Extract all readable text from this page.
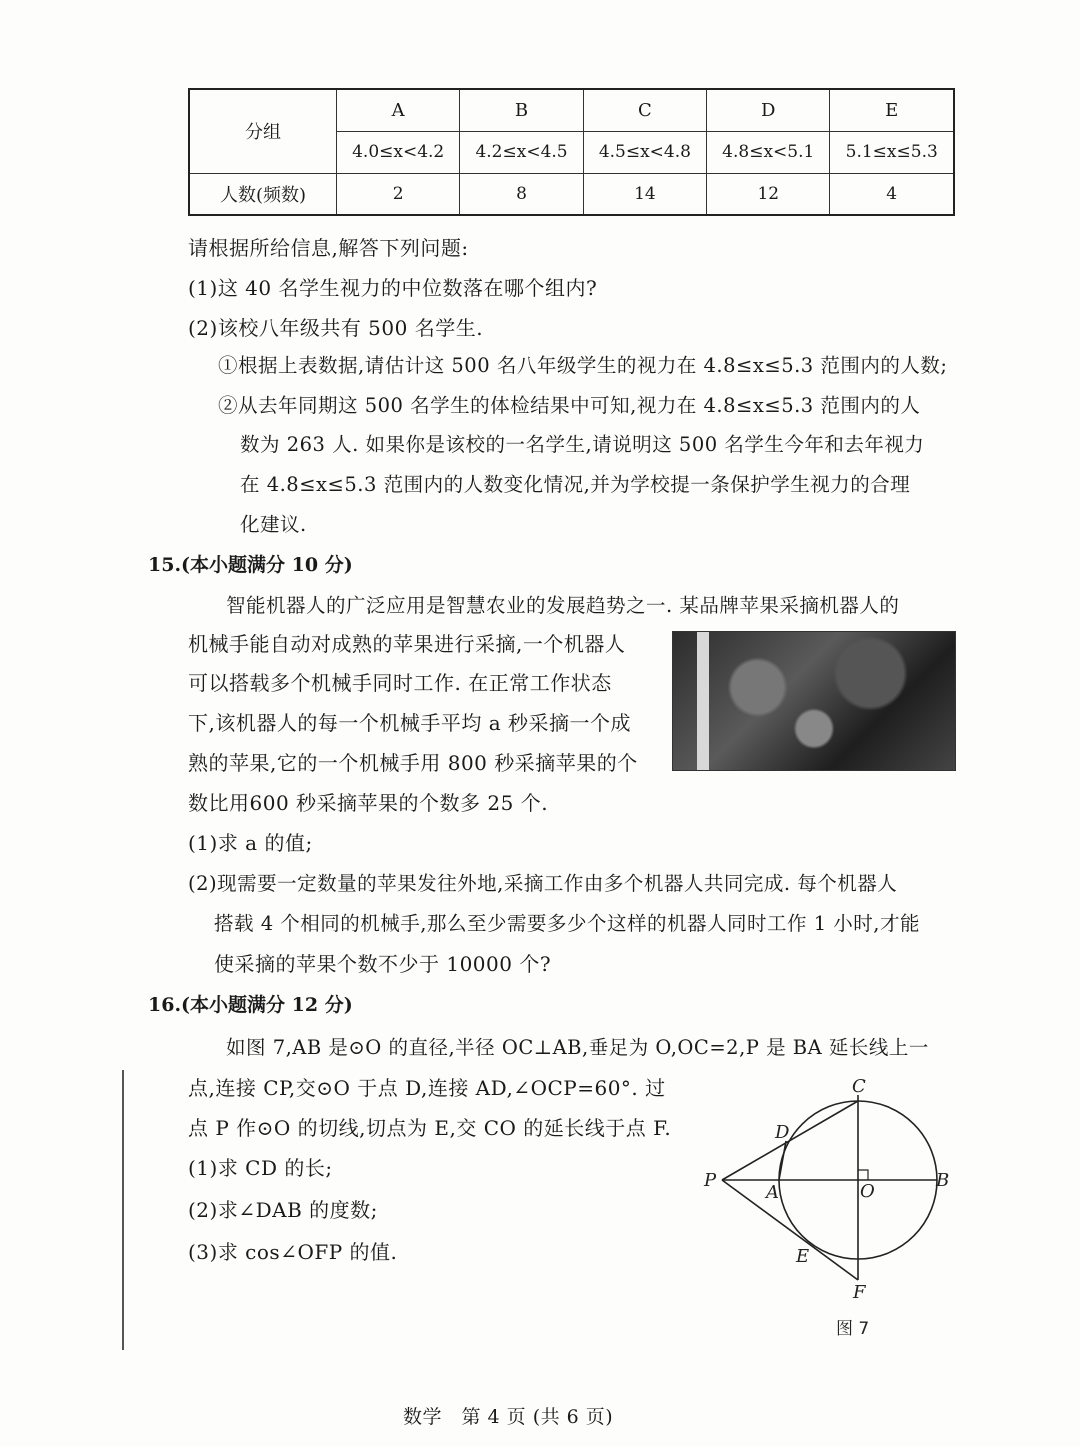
分组	A	B	C	D	E
	4.0≤x<4.2	4.2≤x<4.5	4.5≤x<4.8	4.8≤x<5.1	5.1≤x≤5.3
人数(频数)	2	8	14	12	4
请根据所给信息,解答下列问题:
(1)这 40 名学生视力的中位数落在哪个组内?
(2)该校八年级共有 500 名学生.
①根据上表数据,请估计这 500 名八年级学生的视力在 4.8≤x≤5.3 范围内的人数;
②从去年同期这 500 名学生的体检结果中可知,视力在 4.8≤x≤5.3 范围内的人
数为 263 人. 如果你是该校的一名学生,请说明这 500 名学生今年和去年视力
在 4.8≤x≤5.3 范围内的人数变化情况,并为学校提一条保护学生视力的合理
化建议.
15.(本小题满分 10 分)
智能机器人的广泛应用是智慧农业的发展趋势之一. 某品牌苹果采摘机器人的
机械手能自动对成熟的苹果进行采摘,一个机器人
可以搭载多个机械手同时工作. 在正常工作状态
下,该机器人的每一个机械手平均 a 秒采摘一个成
熟的苹果,它的一个机械手用 800 秒采摘苹果的个
数比用600 秒采摘苹果的个数多 25 个.
(1)求 a 的值;
(2)现需要一定数量的苹果发往外地,采摘工作由多个机器人共同完成. 每个机器人
搭载 4 个相同的机械手,那么至少需要多少个这样的机器人同时工作 1 小时,才能
使采摘的苹果个数不少于 10000 个?
16.(本小题满分 12 分)
如图 7,AB 是⊙O 的直径,半径 OC⊥AB,垂足为 O,OC=2,P 是 BA 延长线上一
点,连接 CP,交⊙O 于点 D,连接 AD,∠OCP=60°. 过
点 P 作⊙O 的切线,切点为 E,交 CO 的延长线于点 F.
(1)求 CD 的长;
(2)求∠DAB 的度数;
(3)求 cos∠OFP 的值.
C
D
P
A	O
B
E
F
图 7
数学　第 4 页 (共 6 页)
